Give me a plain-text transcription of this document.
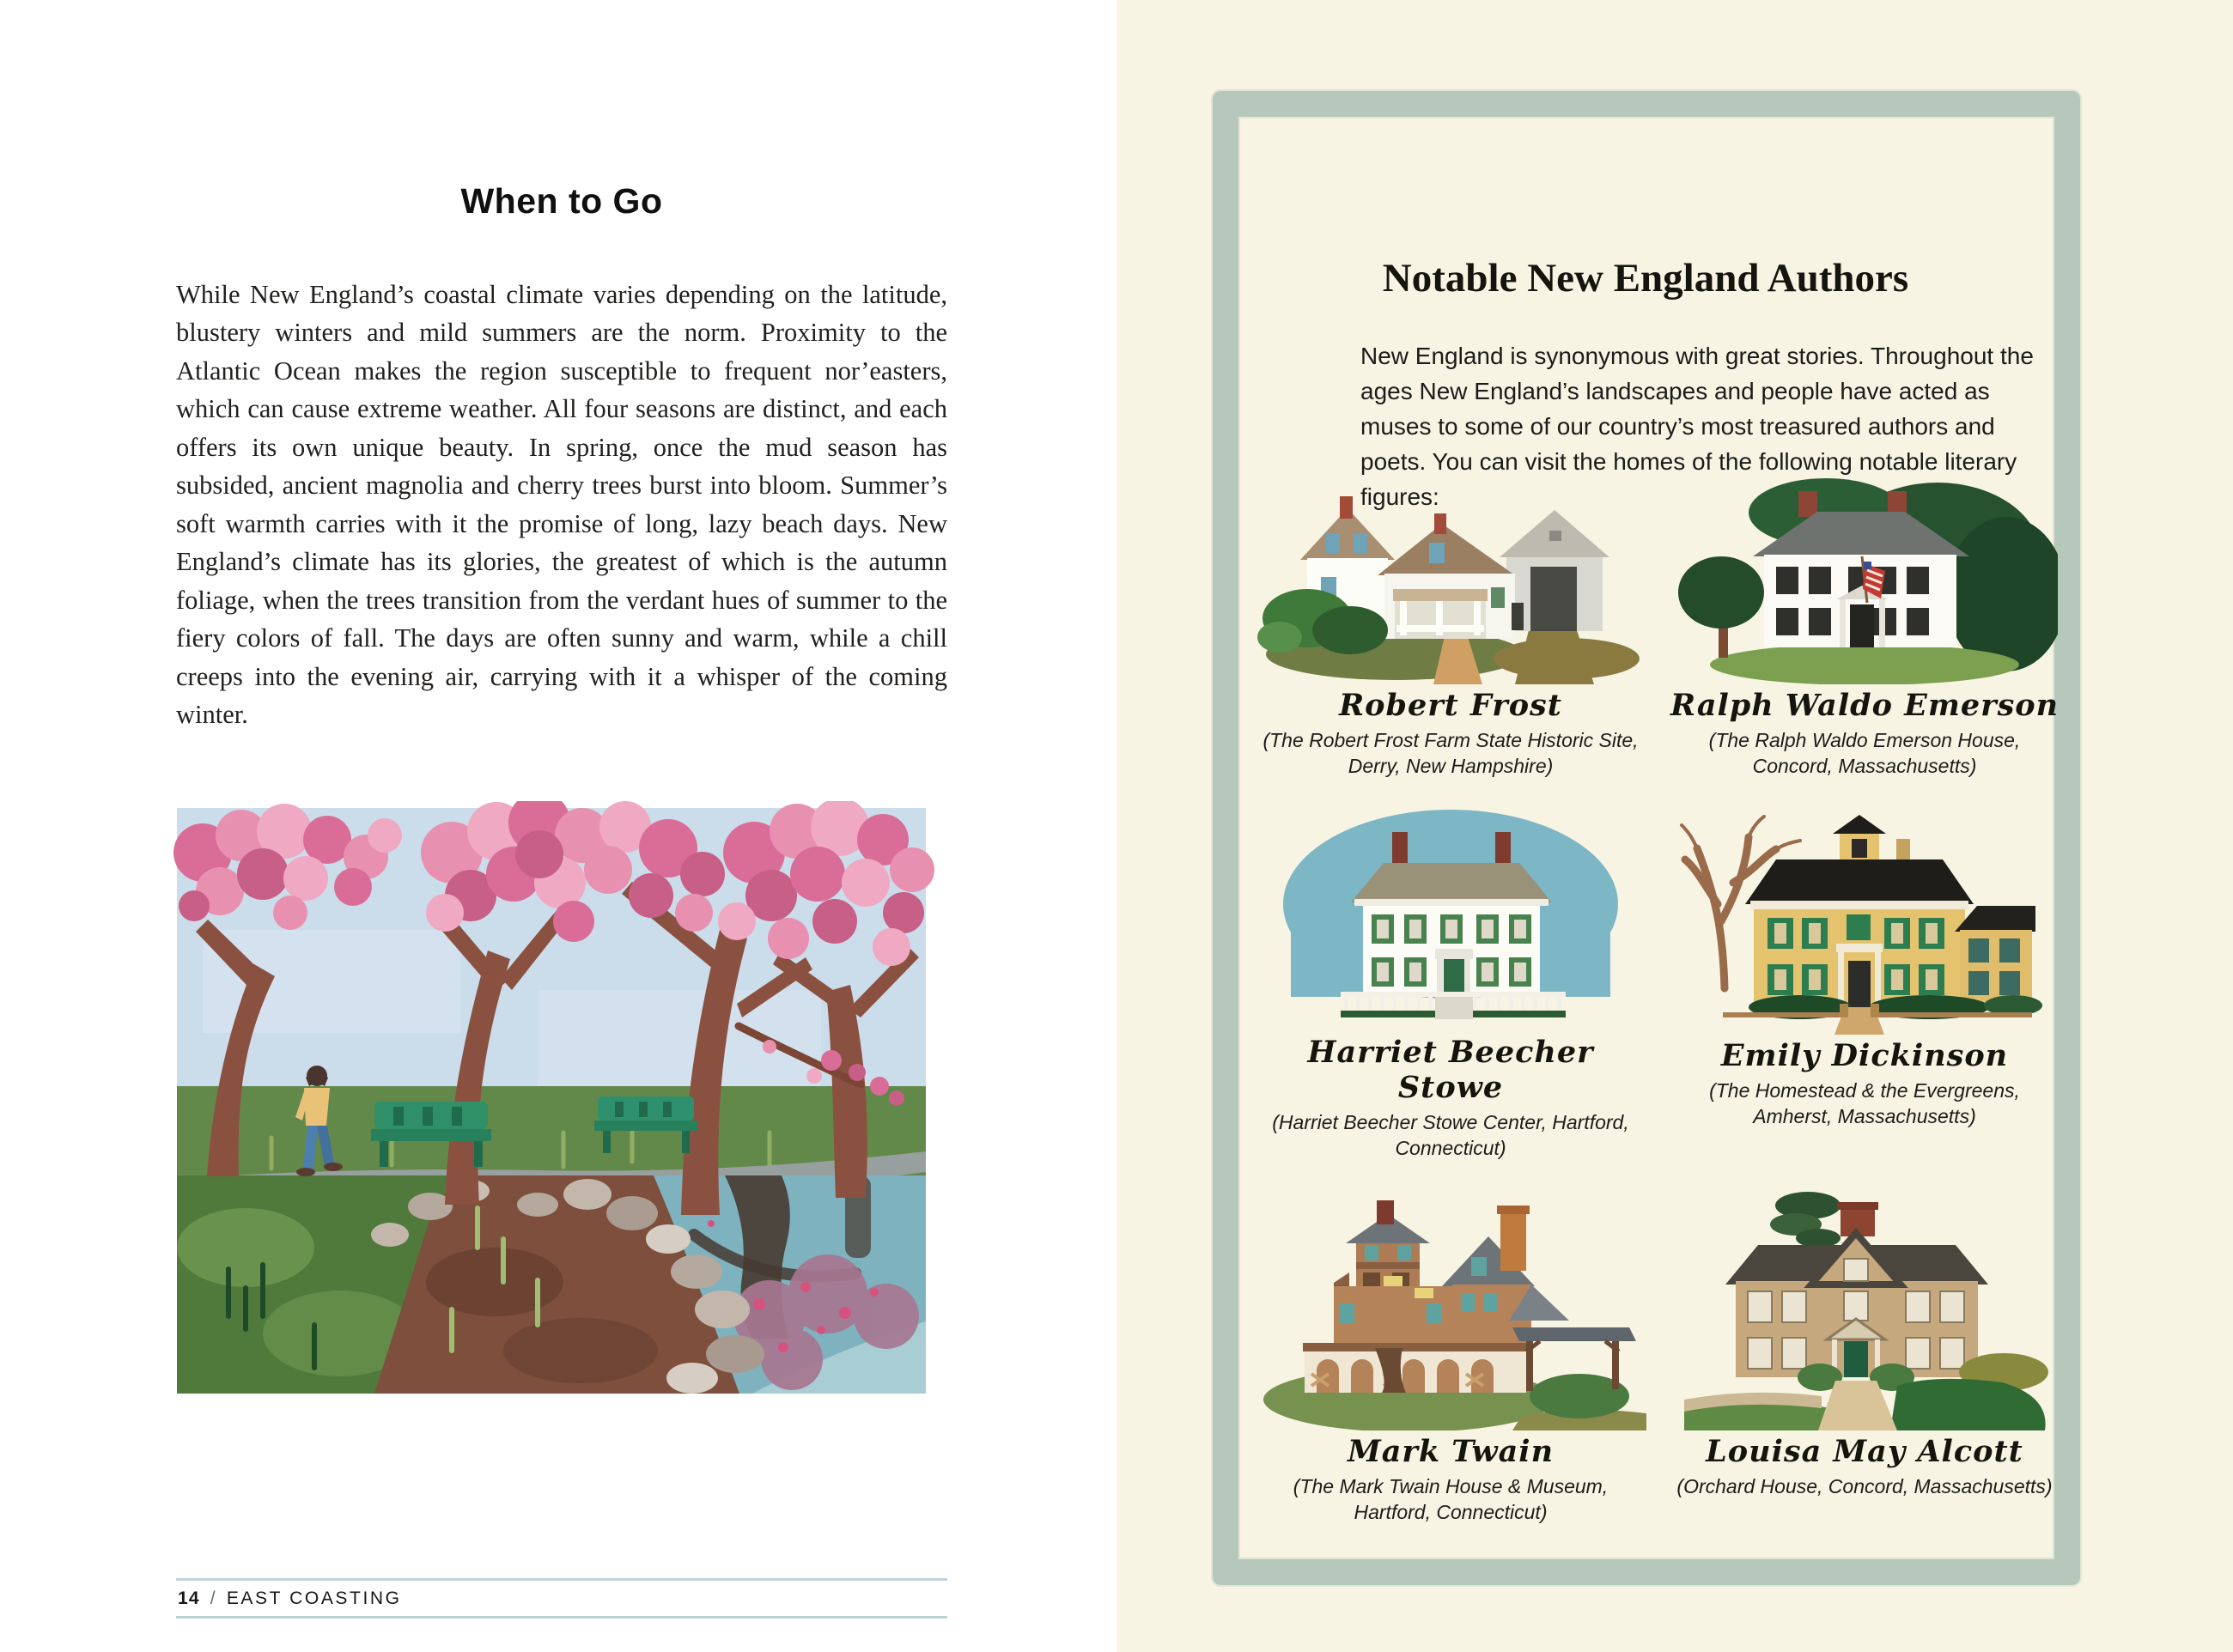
When to Go

While New England’s coastal climate varies depending on the latitude, blustery winters and mild summers are the norm. Proximity to the Atlantic Ocean makes the region susceptible to frequent nor’easters, which can cause extreme weather. All four seasons are distinct, and each offers its own unique beauty. In spring, once the mud season has subsided, ancient magnolia and cherry trees burst into bloom. Summer’s soft warmth carries with it the promise of long, lazy beach days. New England’s climate has its glories, the greatest of which is the autumn foliage, when the trees transition from the verdant hues of summer to the fiery colors of fall. The days are often sunny and warm, while a chill creeps into the evening air, carrying with it a whisper of the coming winter.

14 / EAST COASTING
Notable New England Authors

New England is synonymous with great stories. Throughout the ages New England’s landscapes and people have acted as muses to some of our country’s most treasured authors and poets. You can visit the homes of the following notable literary figures:

Robert Frost
(The Robert Frost Farm State Historic Site, Derry, New Hampshire)
Ralph Waldo Emerson
(The Ralph Waldo Emerson House, Concord, Massachusetts)
Harriet Beecher Stowe
(Harriet Beecher Stowe Center, Hartford, Connecticut)
Emily Dickinson
(The Homestead & the Evergreens, Amherst, Massachusetts)
Mark Twain
(The Mark Twain House & Museum, Hartford, Connecticut)
Louisa May Alcott
(Orchard House, Concord, Massachusetts)
